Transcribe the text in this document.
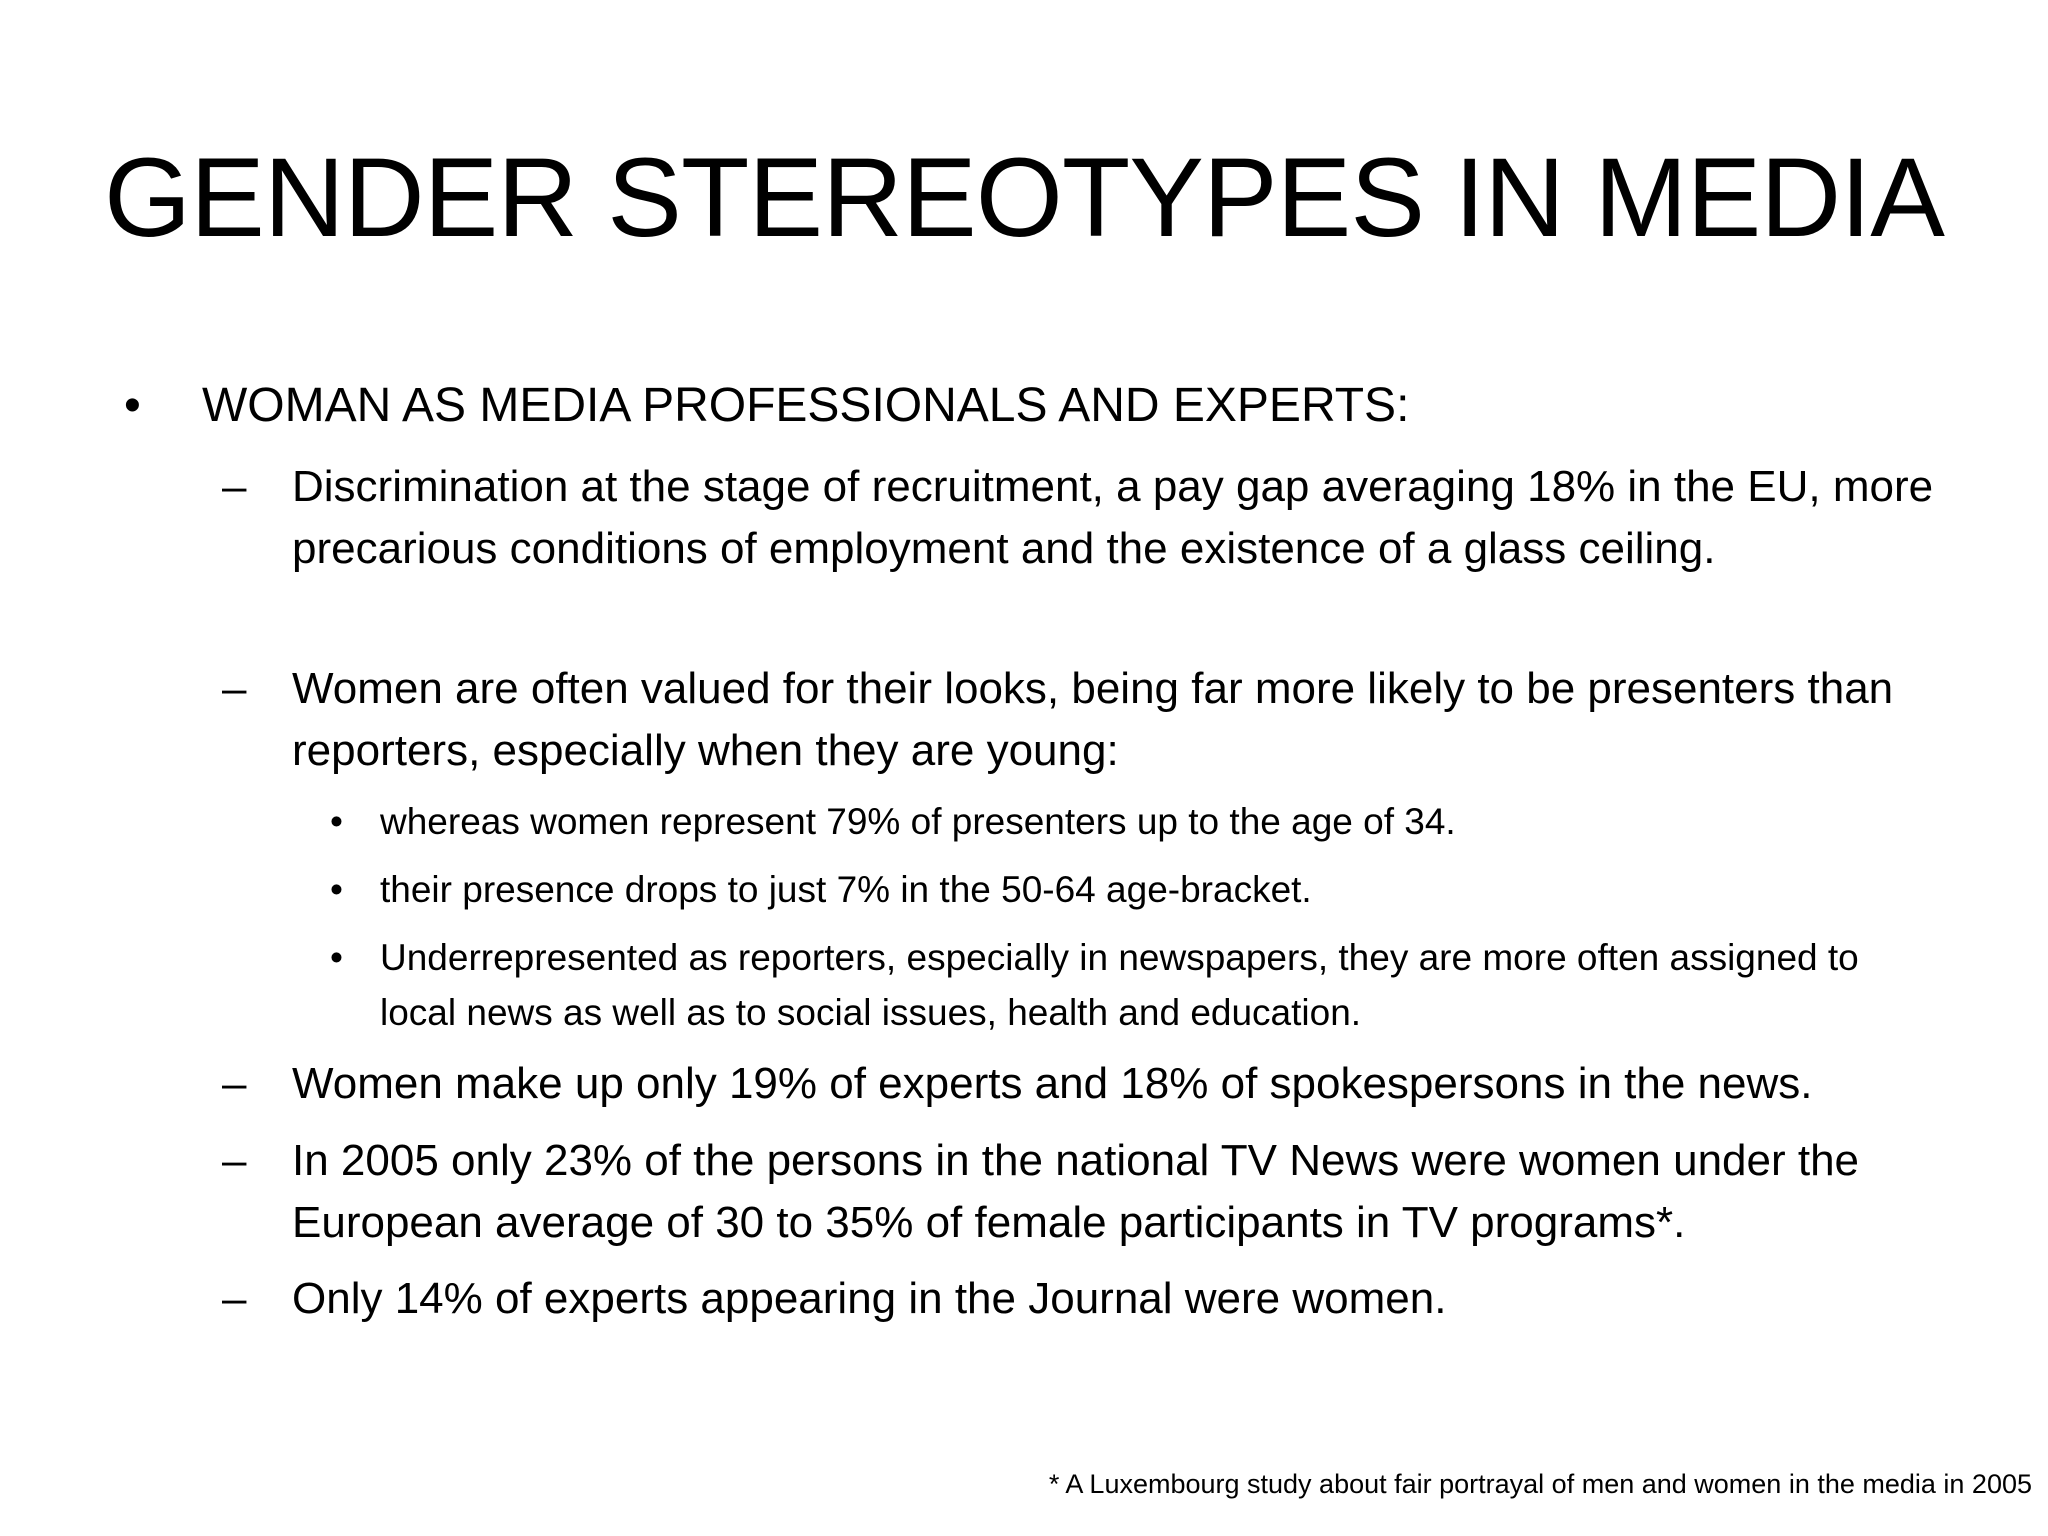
GENDER STEREOTYPES IN MEDIA
• WOMAN AS MEDIA PROFESSIONALS AND EXPERTS:
– Discrimination at the stage of recruitment, a pay gap averaging 18% in the EU, more precarious conditions of employment and the existence of a glass ceiling.
– Women are often valued for their looks, being far more likely to be presenters than reporters, especially when they are young:
• whereas women represent 79% of presenters up to the age of 34.
• their presence drops to just 7% in the 50-64 age-bracket.
• Underrepresented as reporters, especially in newspapers, they are more often assigned to local news as well as to social issues, health and education.
– Women make up only 19% of experts and 18% of spokespersons in the news.
– In 2005 only 23% of the persons in the national TV News were women under the European average of 30 to 35% of female participants in TV programs*.
– Only 14% of experts appearing in the Journal were women.
* A Luxembourg study about fair portrayal of men and women in the media in 2005
